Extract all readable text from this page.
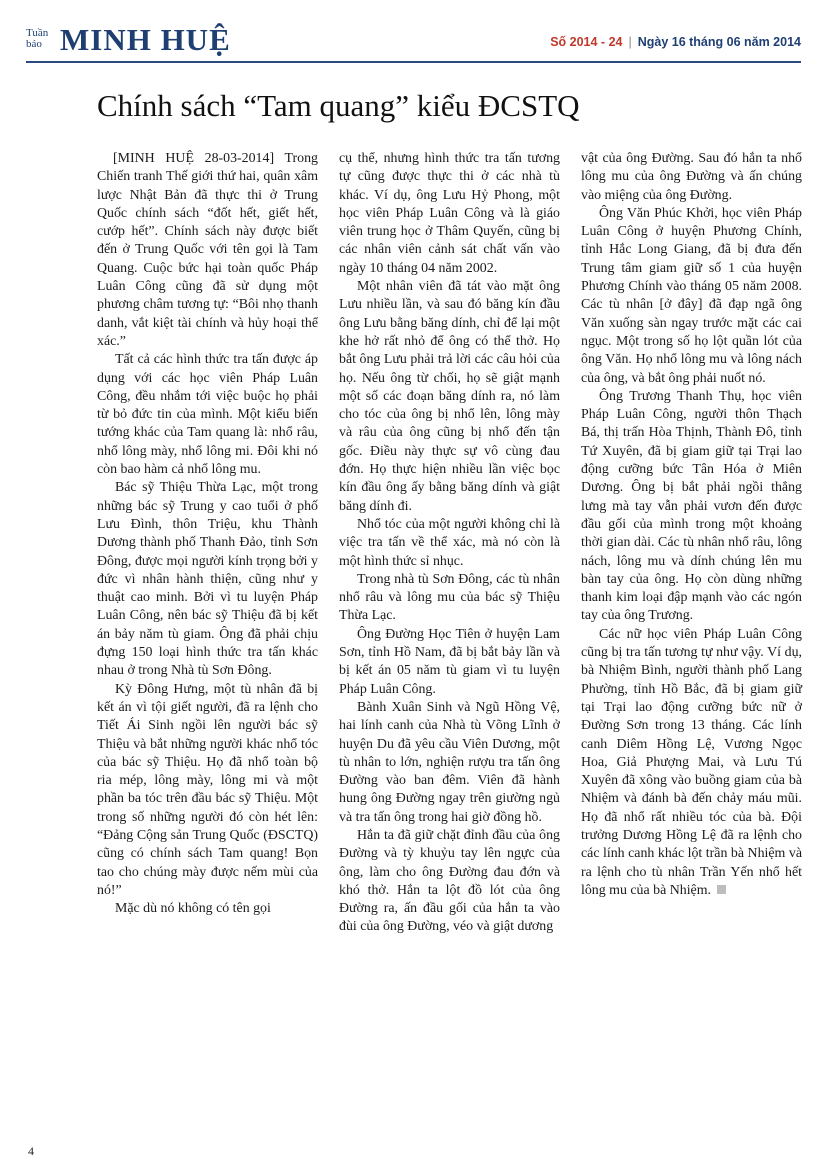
Tuần
báo MINH HUỆ	Số 2014 - 24 | Ngày 16 tháng 06 năm 2014
Chính sách “Tam quang” kiểu ĐCSTQ

[MINH HUỆ 28-03-2014] Trong Chiến tranh Thế giới thứ hai, quân xâm lược Nhật Bản đã thực thi ở Trung Quốc chính sách “đốt hết, giết hết, cướp hết”. Chính sách này được biết đến ở Trung Quốc với tên gọi là Tam Quang. Cuộc bức hại toàn quốc Pháp Luân Công cũng đã sử dụng một phương châm tương tự: “Bôi nhọ thanh danh, vắt kiệt tài chính và hủy hoại thể xác.”

Tất cả các hình thức tra tấn được áp dụng với các học viên Pháp Luân Công, đều nhắm tới việc buộc họ phải từ bỏ đức tin của mình. Một kiểu biến tướng khác của Tam quang là: nhổ râu, nhổ lông mày, nhổ lông mi. Đôi khi nó còn bao hàm cả nhổ lông mu.

Bác sỹ Thiệu Thừa Lạc, một trong những bác sỹ Trung y cao tuổi ở phố Lưu Đình, thôn Triệu, khu Thành Dương thành phố Thanh Đảo, tỉnh Sơn Đông, được mọi người kính trọng bởi y đức vì nhân hành thiện, cũng như y thuật cao minh. Bởi vì tu luyện Pháp Luân Công, nên bác sỹ Thiệu đã bị kết án bảy năm tù giam. Ông đã phải chịu đựng 150 loại hình thức tra tấn khác nhau ở trong Nhà tù Sơn Đông.

Kỳ Đông Hưng, một tù nhân đã bị kết án vì tội giết người, đã ra lệnh cho Tiết Ái Sinh ngồi lên người bác sỹ Thiệu và bắt những người khác nhổ tóc của bác sỹ Thiệu. Họ đã nhổ toàn bộ ria mép, lông mày, lông mi và một phần ba tóc trên đầu bác sỹ Thiệu. Một trong số những người đó còn hét lên: “Đảng Cộng sản Trung Quốc (ĐSCTQ) cũng có chính sách Tam quang! Bọn tao cho chúng mày được nếm mùi của nó!”

Mặc dù nó không có tên gọi

cụ thể, nhưng hình thức tra tấn tương tự cũng được thực thi ở các nhà tù khác. Ví dụ, ông Lưu Hỷ Phong, một học viên Pháp Luân Công và là giáo viên trung học ở Thâm Quyến, cũng bị các nhân viên cảnh sát chất vấn vào ngày 10 tháng 04 năm 2002.

Một nhân viên đã tát vào mặt ông Lưu nhiều lần, và sau đó băng kín đầu ông Lưu bằng băng dính, chỉ để lại một khe hở rất nhỏ để ông có thể thở. Họ bắt ông Lưu phải trả lời các câu hỏi của họ. Nếu ông từ chối, họ sẽ giật mạnh một số các đoạn băng dính ra, nó làm cho tóc của ông bị nhổ lên, lông mày và râu của ông cũng bị nhổ đến tận gốc. Điều này thực sự vô cùng đau đớn. Họ thực hiện nhiều lần việc bọc kín đầu ông ấy bằng băng dính và giật băng dính đi.

Nhổ tóc của một người không chỉ là việc tra tấn về thể xác, mà nó còn là một hình thức sỉ nhục.

Trong nhà tù Sơn Đông, các tù nhân nhổ râu và lông mu của bác sỹ Thiệu Thừa Lạc.

Ông Đường Học Tiên ở huyện Lam Sơn, tỉnh Hồ Nam, đã bị bắt bảy lần và bị kết án 05 năm tù giam vì tu luyện Pháp Luân Công.

Bành Xuân Sinh và Ngũ Hồng Vệ, hai lính canh của Nhà tù Võng Lĩnh ở huyện Du đã yêu cầu Viên Dương, một tù nhân to lớn, nghiện rượu tra tấn ông Đường vào ban đêm. Viên đã hành hung ông Đường ngay trên giường ngủ và tra tấn ông trong hai giờ đồng hồ.

Hắn ta đã giữ chặt đỉnh đầu của ông Đường và tỳ khuỷu tay lên ngực của ông, làm cho ông Đường đau đớn và khó thở. Hắn ta lột đồ lót của ông Đường ra, ấn đầu gối của hắn ta vào đùi của ông Đường, véo và giật dương

vật của ông Đường. Sau đó hắn ta nhổ lông mu của ông Đường và ấn chúng vào miệng của ông Đường.

Ông Văn Phúc Khởi, học viên Pháp Luân Công ở huyện Phương Chính, tỉnh Hắc Long Giang, đã bị đưa đến Trung tâm giam giữ số 1 của huyện Phương Chính vào tháng 05 năm 2008. Các tù nhân [ở đây] đã đạp ngã ông Văn xuống sàn ngay trước mặt các cai ngục. Một trong số họ lột quần lót của ông Văn. Họ nhổ lông mu và lông nách của ông, và bắt ông phải nuốt nó.

Ông Trương Thanh Thụ, học viên Pháp Luân Công, người thôn Thạch Bá, thị trấn Hòa Thịnh, Thành Đô, tỉnh Tứ Xuyên, đã bị giam giữ tại Trại lao động cưỡng bức Tân Hóa ở Miên Dương. Ông bị bắt phải ngồi thẳng lưng mà tay vẫn phải vươn đến được đầu gối của mình trong một khoảng thời gian dài. Các tù nhân nhổ râu, lông nách, lông mu và dính chúng lên mu bàn tay của ông. Họ còn dùng những thanh kim loại đập mạnh vào các ngón tay của ông Trương.

Các nữ học viên Pháp Luân Công cũng bị tra tấn tương tự như vậy. Ví dụ, bà Nhiệm Bình, người thành phố Lang Phường, tỉnh Hồ Bắc, đã bị giam giữ tại Trại lao động cưỡng bức nữ ở Đường Sơn trong 13 tháng. Các lính canh Diêm Hồng Lệ, Vương Ngọc Hoa, Giả Phượng Mai, và Lưu Tú Xuyên đã xông vào buồng giam của bà Nhiệm và đánh bà đến chảy máu mũi. Họ đã nhổ rất nhiều tóc của bà. Đội trưởng Dương Hồng Lệ đã ra lệnh cho các lính canh khác lột trần bà Nhiệm và ra lệnh cho tù nhân Trần Yến nhổ hết lông mu của bà Nhiệm.

4
